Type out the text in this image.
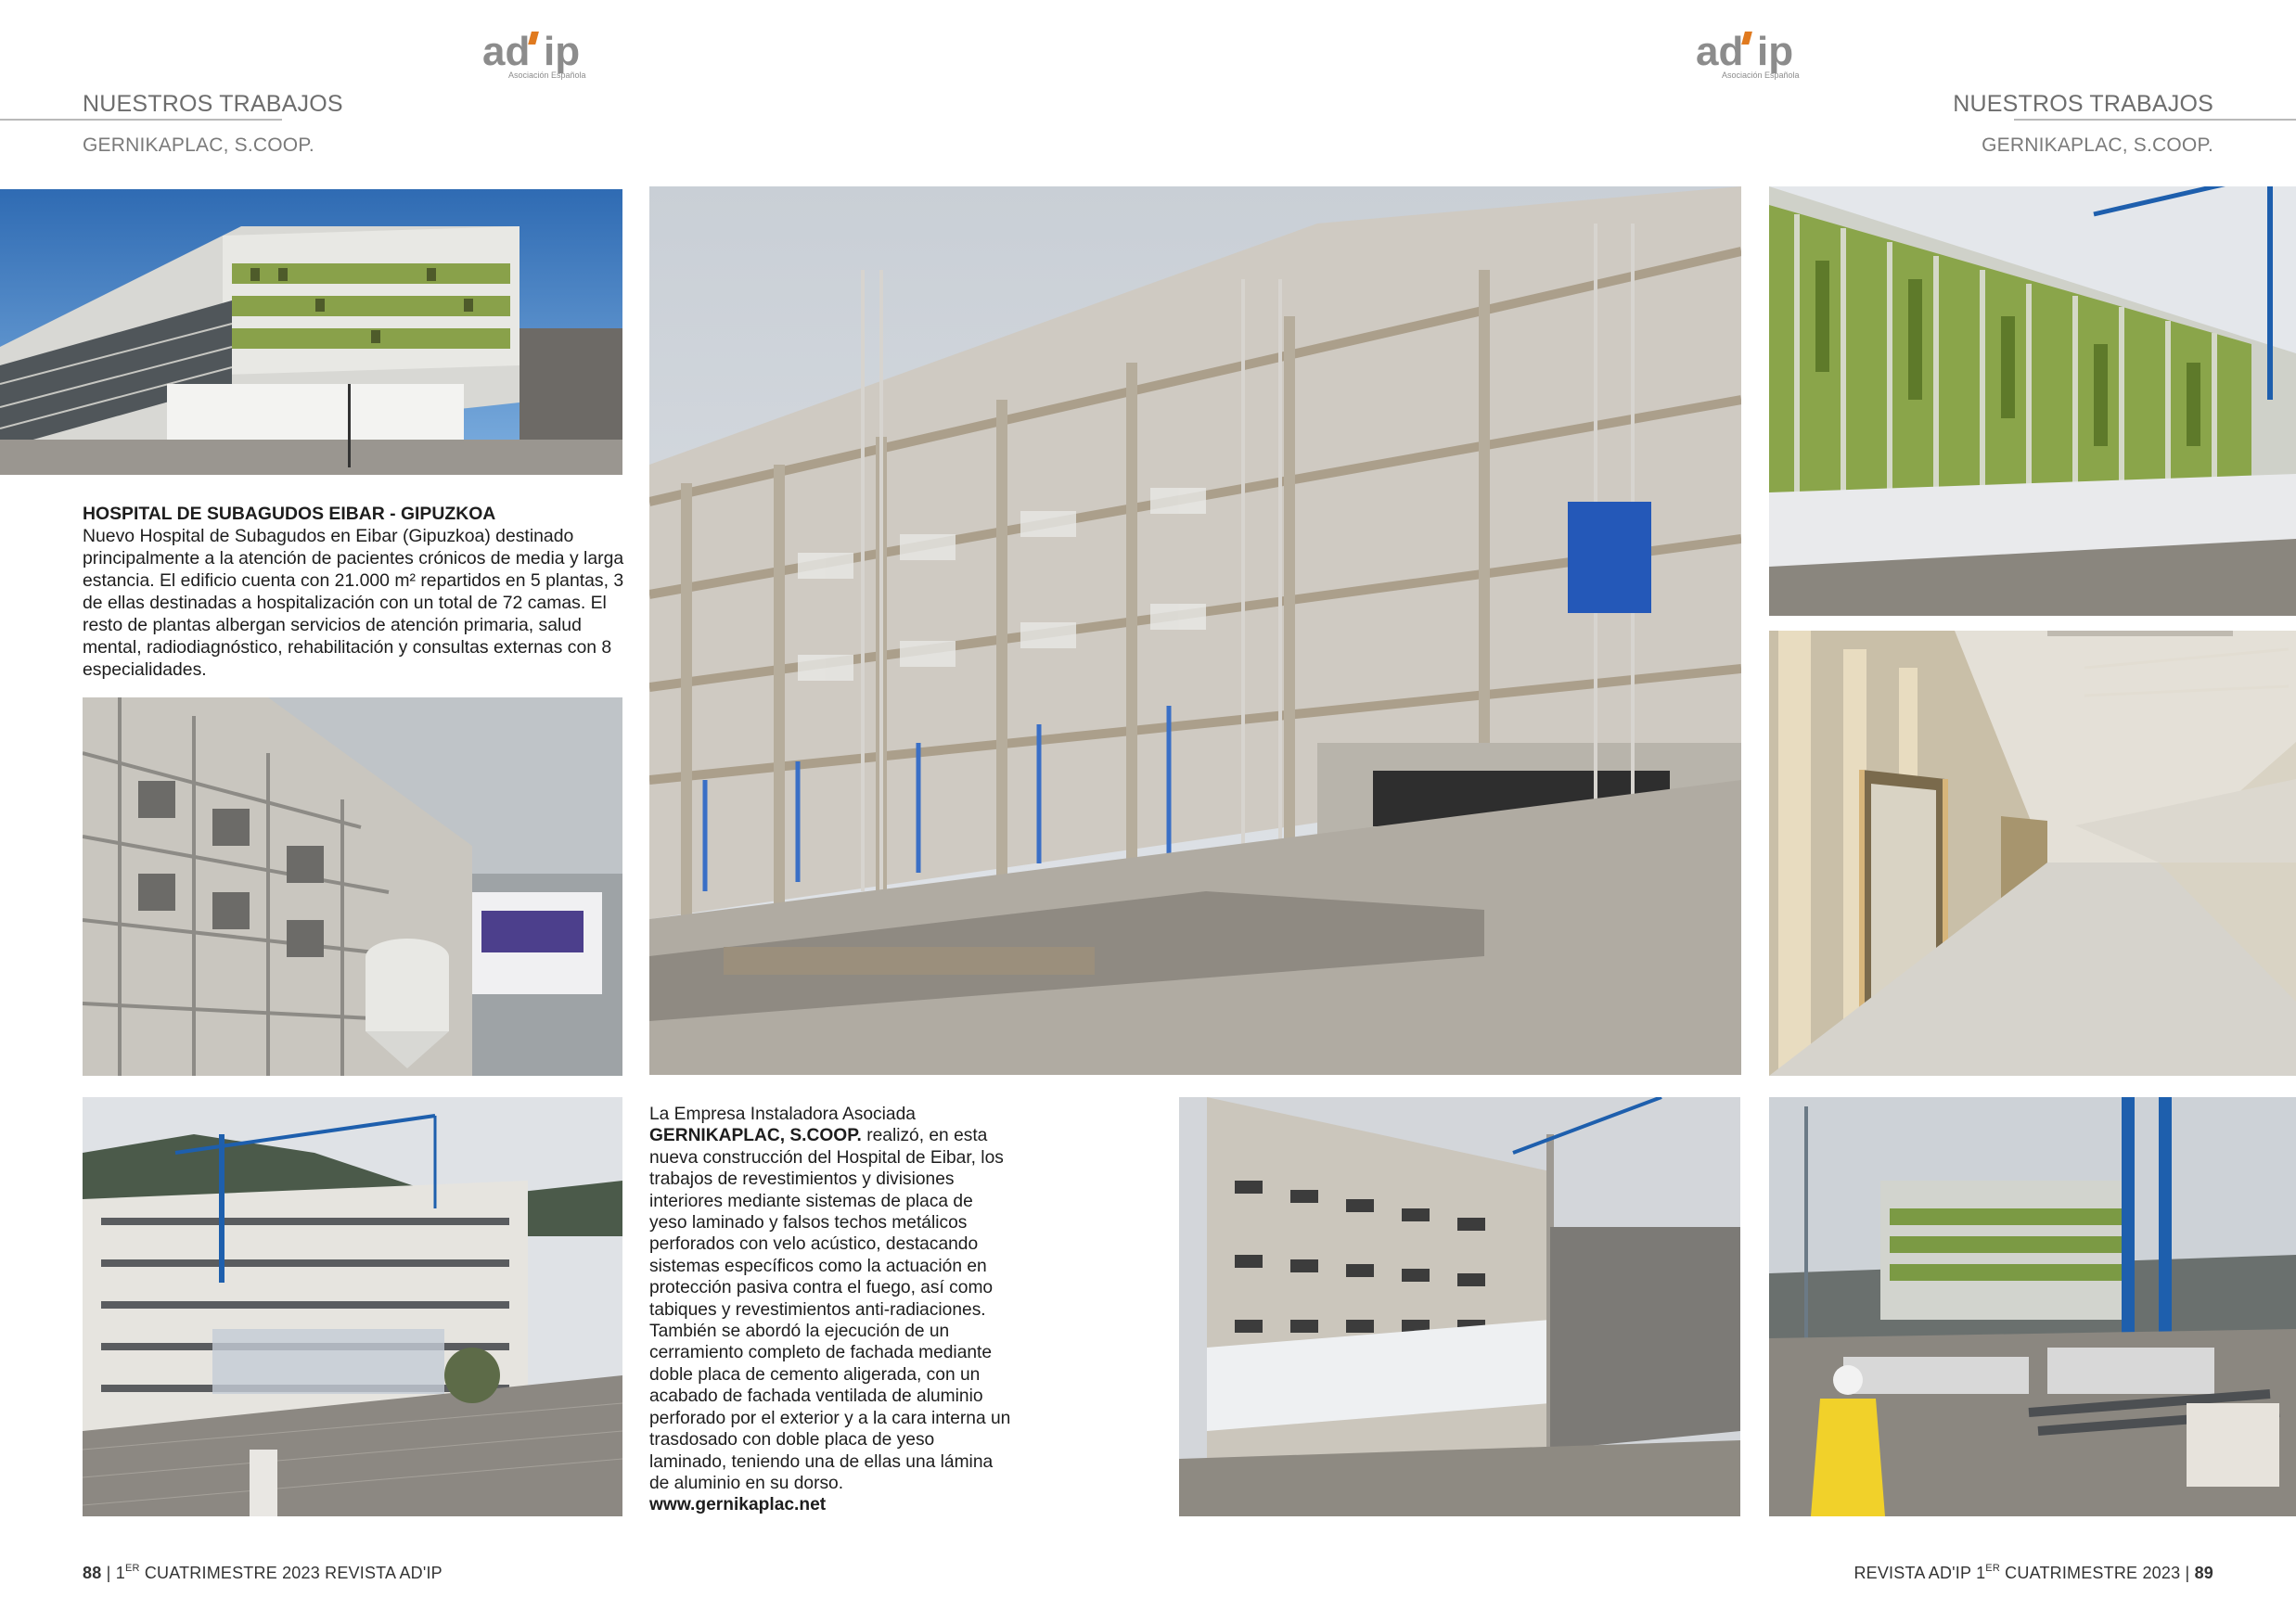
ad ip
Asociación Española
NUESTROS TRABAJOS
GERNIKAPLAC, S.COOP.
ad ip
Asociación Española
NUESTROS TRABAJOS
GERNIKAPLAC, S.COOP.
HOSPITAL DE SUBAGUDOS EIBAR - GIPUZKOA
Nuevo Hospital de Subagudos en Eibar (Gipuzkoa) destinado principalmente a la atención de pacientes crónicos de media y larga estancia. El edificio cuenta con 21.000 m² repartidos en 5 plantas, 3 de ellas destinadas a hospitalización con un total de 72 camas. El resto de plantas albergan servicios de atención primaria, salud mental, radiodiagnóstico, rehabilitación y consultas externas con 8 especialidades.
La Empresa Instaladora Asociada
GERNIKAPLAC, S.COOP. realizó, en esta nueva construcción del Hospital de Eibar, los trabajos de revestimientos y divisiones interiores mediante sistemas de placa de yeso laminado y falsos techos metálicos perforados con velo acústico, destacando sistemas específicos como la actuación en protección pasiva contra el fuego, así como tabiques y revestimientos anti-radiaciones. También se abordó la ejecución de un cerramiento completo de fachada mediante doble placa de cemento aligerada, con un acabado de fachada ventilada de aluminio perforado por el exterior y a la cara interna un trasdosado con doble placa de yeso laminado, teniendo una de ellas una lámina de aluminio en su dorso.
www.gernikaplac.net
88 | 1ER CUATRIMESTRE 2023 REVISTA AD'IP	REVISTA AD'IP 1ER CUATRIMESTRE 2023 | 89
